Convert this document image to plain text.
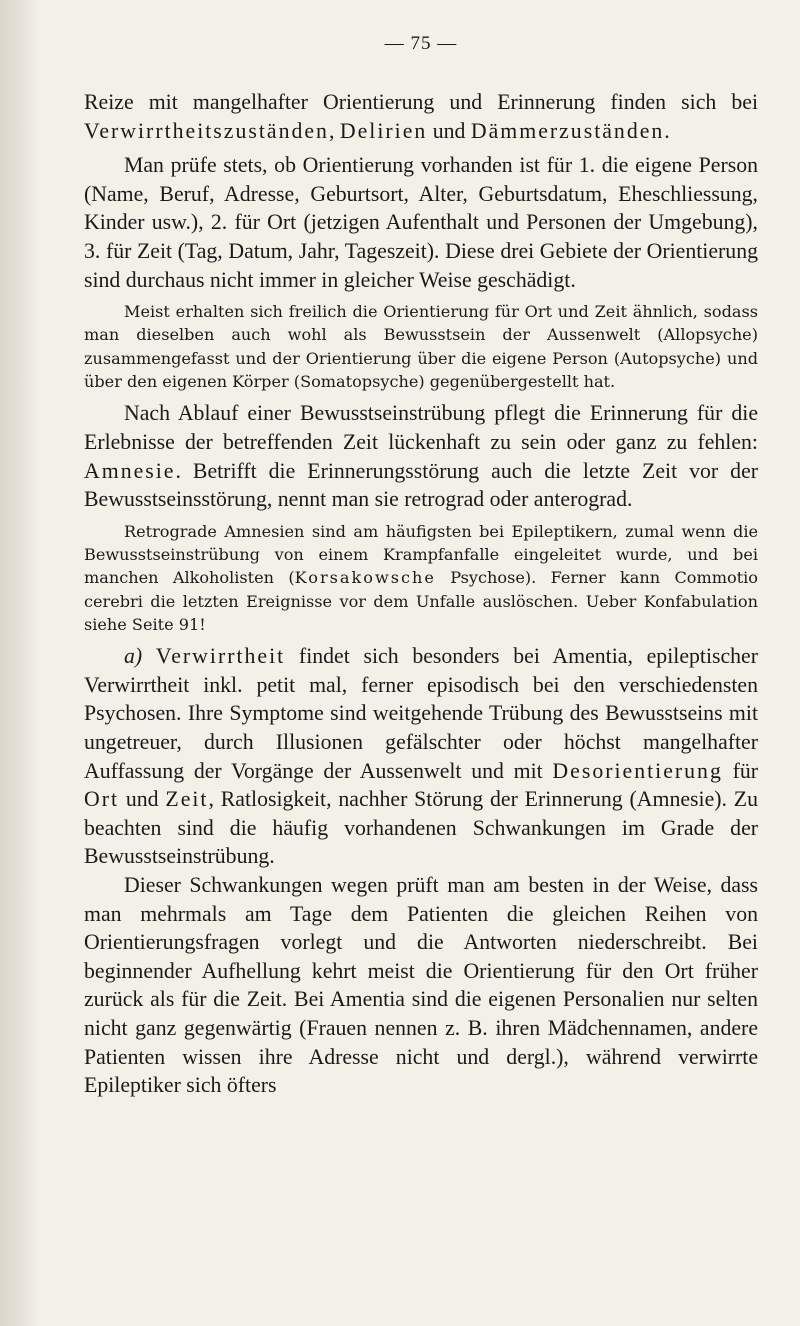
— 75 —

Reize mit mangelhafter Orientierung und Erinnerung finden sich bei Verwirrtheitszuständen, Delirien und Dämmerzuständen.

Man prüfe stets, ob Orientierung vorhanden ist für 1. die eigene Person (Name, Beruf, Adresse, Geburtsort, Alter, Geburtsdatum, Eheschliessung, Kinder usw.), 2. für Ort (jetzigen Aufenthalt und Personen der Umgebung), 3. für Zeit (Tag, Datum, Jahr, Tageszeit). Diese drei Gebiete der Orientierung sind durchaus nicht immer in gleicher Weise geschädigt.

Meist erhalten sich freilich die Orientierung für Ort und Zeit ähnlich, sodass man dieselben auch wohl als Bewusstsein der Aussenwelt (Allopsyche) zusammengefasst und der Orientierung über die eigene Person (Autopsyche) und über den eigenen Körper (Somatopsyche) gegenübergestellt hat.

Nach Ablauf einer Bewusstseinstrübung pflegt die Erinnerung für die Erlebnisse der betreffenden Zeit lückenhaft zu sein oder ganz zu fehlen: Amnesie. Betrifft die Erinnerungsstörung auch die letzte Zeit vor der Bewusstseinsstörung, nennt man sie retrograd oder anterograd.

Retrograde Amnesien sind am häufigsten bei Epileptikern, zumal wenn die Bewusstseinstrübung von einem Krampfanfalle eingeleitet wurde, und bei manchen Alkoholisten (Korsakowsche Psychose). Ferner kann Commotio cerebri die letzten Ereignisse vor dem Unfalle auslöschen. Ueber Konfabulation siehe Seite 91!

a) Verwirrtheit findet sich besonders bei Amentia, epileptischer Verwirrtheit inkl. petit mal, ferner episodisch bei den verschiedensten Psychosen. Ihre Symptome sind weitgehende Trübung des Bewusstseins mit ungetreuer, durch Illusionen gefälschter oder höchst mangelhafter Auffassung der Vorgänge der Aussenwelt und mit Desorientierung für Ort und Zeit, Ratlosigkeit, nachher Störung der Erinnerung (Amnesie). Zu beachten sind die häufig vorhandenen Schwankungen im Grade der Bewusstseinstrübung.

Dieser Schwankungen wegen prüft man am besten in der Weise, dass man mehrmals am Tage dem Patienten die gleichen Reihen von Orientierungsfragen vorlegt und die Antworten niederschreibt. Bei beginnender Aufhellung kehrt meist die Orientierung für den Ort früher zurück als für die Zeit. Bei Amentia sind die eigenen Personalien nur selten nicht ganz gegenwärtig (Frauen nennen z. B. ihren Mädchennamen, andere Patienten wissen ihre Adresse nicht und dergl.), während verwirrte Epileptiker sich öfters
